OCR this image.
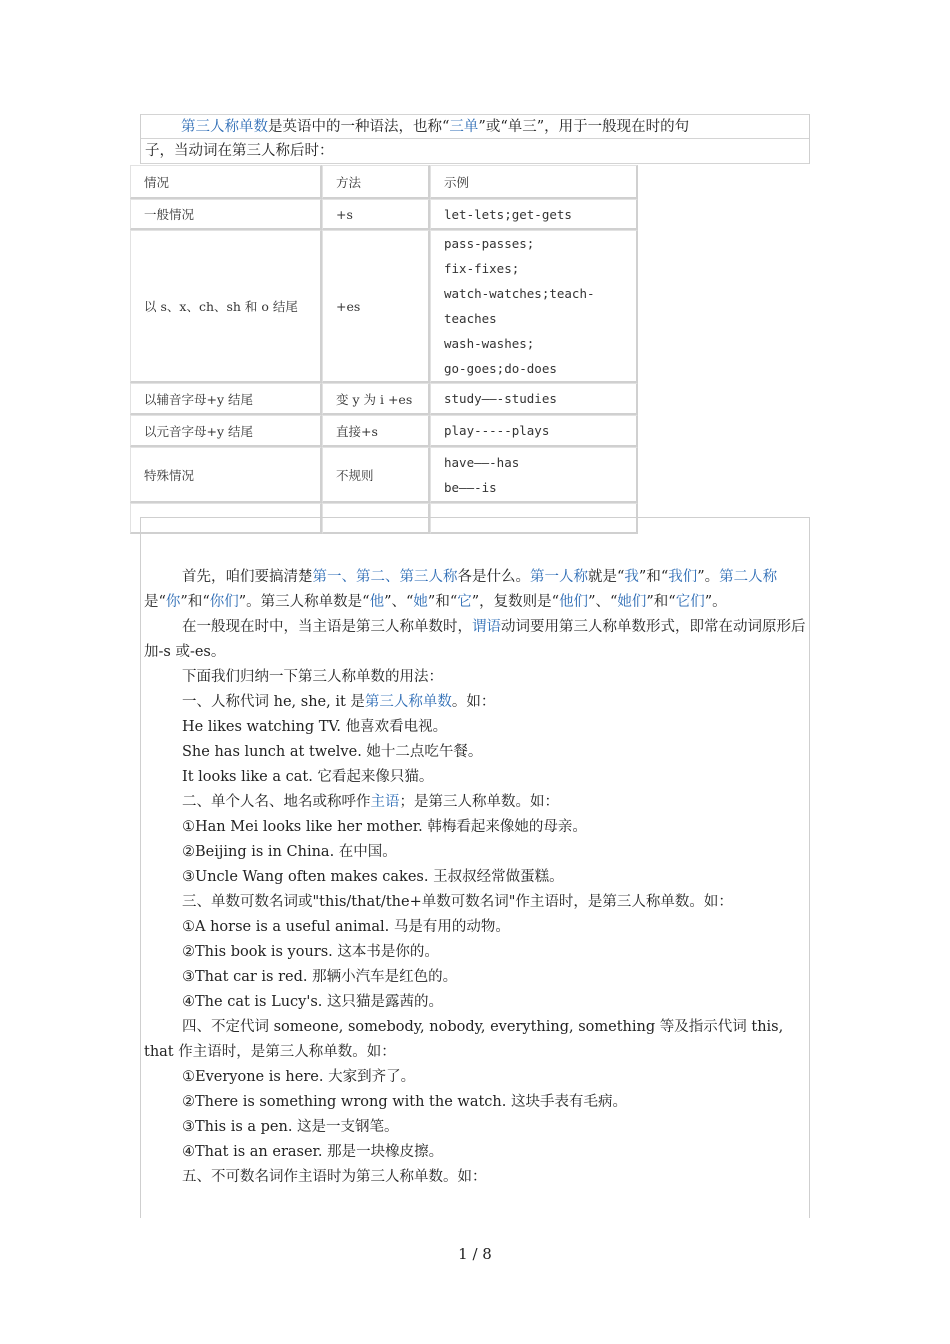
第三人称单数是英语中的一种语法，也称“三单”或“单三”，用于一般现在时的句
子，当动词在第三人称后时：
情况	方法	示例
一般情况	+s	let-lets;get-gets

以 s、x、ch、sh 和 o 结尾	+es	pass-passes;
fix-fixes;
watch-watches;teach-teaches
wash-washes;
go-goes;do-does

以辅音字母+y 结尾	变 y 为 i +es	study——-studies

以元音字母+y 结尾	直接+s	play-----plays

特殊情况	不规则	have——-has
be——-is

首先，咱们要搞清楚第一、第二、第三人称各是什么。第一人称就是“我”和“我们”。第二人称是“你”和“你们”。第三人称单数是“他”、“她”和“它”，复数则是“他们”、“她们”和“它们”。

在一般现在时中，当主语是第三人称单数时，谓语动词要用第三人称单数形式，即常在动词原形后加-s 或-es。

下面我们归纳一下第三人称单数的用法：

一、人称代词 he, she, it 是第三人称单数。如：

He likes watching TV. 他喜欢看电视。

She has lunch at twelve. 她十二点吃午餐。

It looks like a cat. 它看起来像只猫。

二、单个人名、地名或称呼作主语；是第三人称单数。如：

①Han Mei looks like her mother. 韩梅看起来像她的母亲。

②Beijing is in China. 在中国。

③Uncle Wang often makes cakes. 王叔叔经常做蛋糕。

三、单数可数名词或"this/that/the+单数可数名词"作主语时，是第三人称单数。如：

①A horse is a useful animal. 马是有用的动物。

②This book is yours. 这本书是你的。

③That car is red. 那辆小汽车是红色的。

④The cat is Lucy's. 这只猫是露茜的。

四、不定代词 someone, somebody, nobody, everything, something 等及指示代词 this, that 作主语时，是第三人称单数。如：

①Everyone is here. 大家到齐了。

②There is something wrong with the watch. 这块手表有毛病。

③This is a pen. 这是一支钢笔。

④That is an eraser. 那是一块橡皮擦。

五、不可数名词作主语时为第三人称单数。如：

1 / 8
